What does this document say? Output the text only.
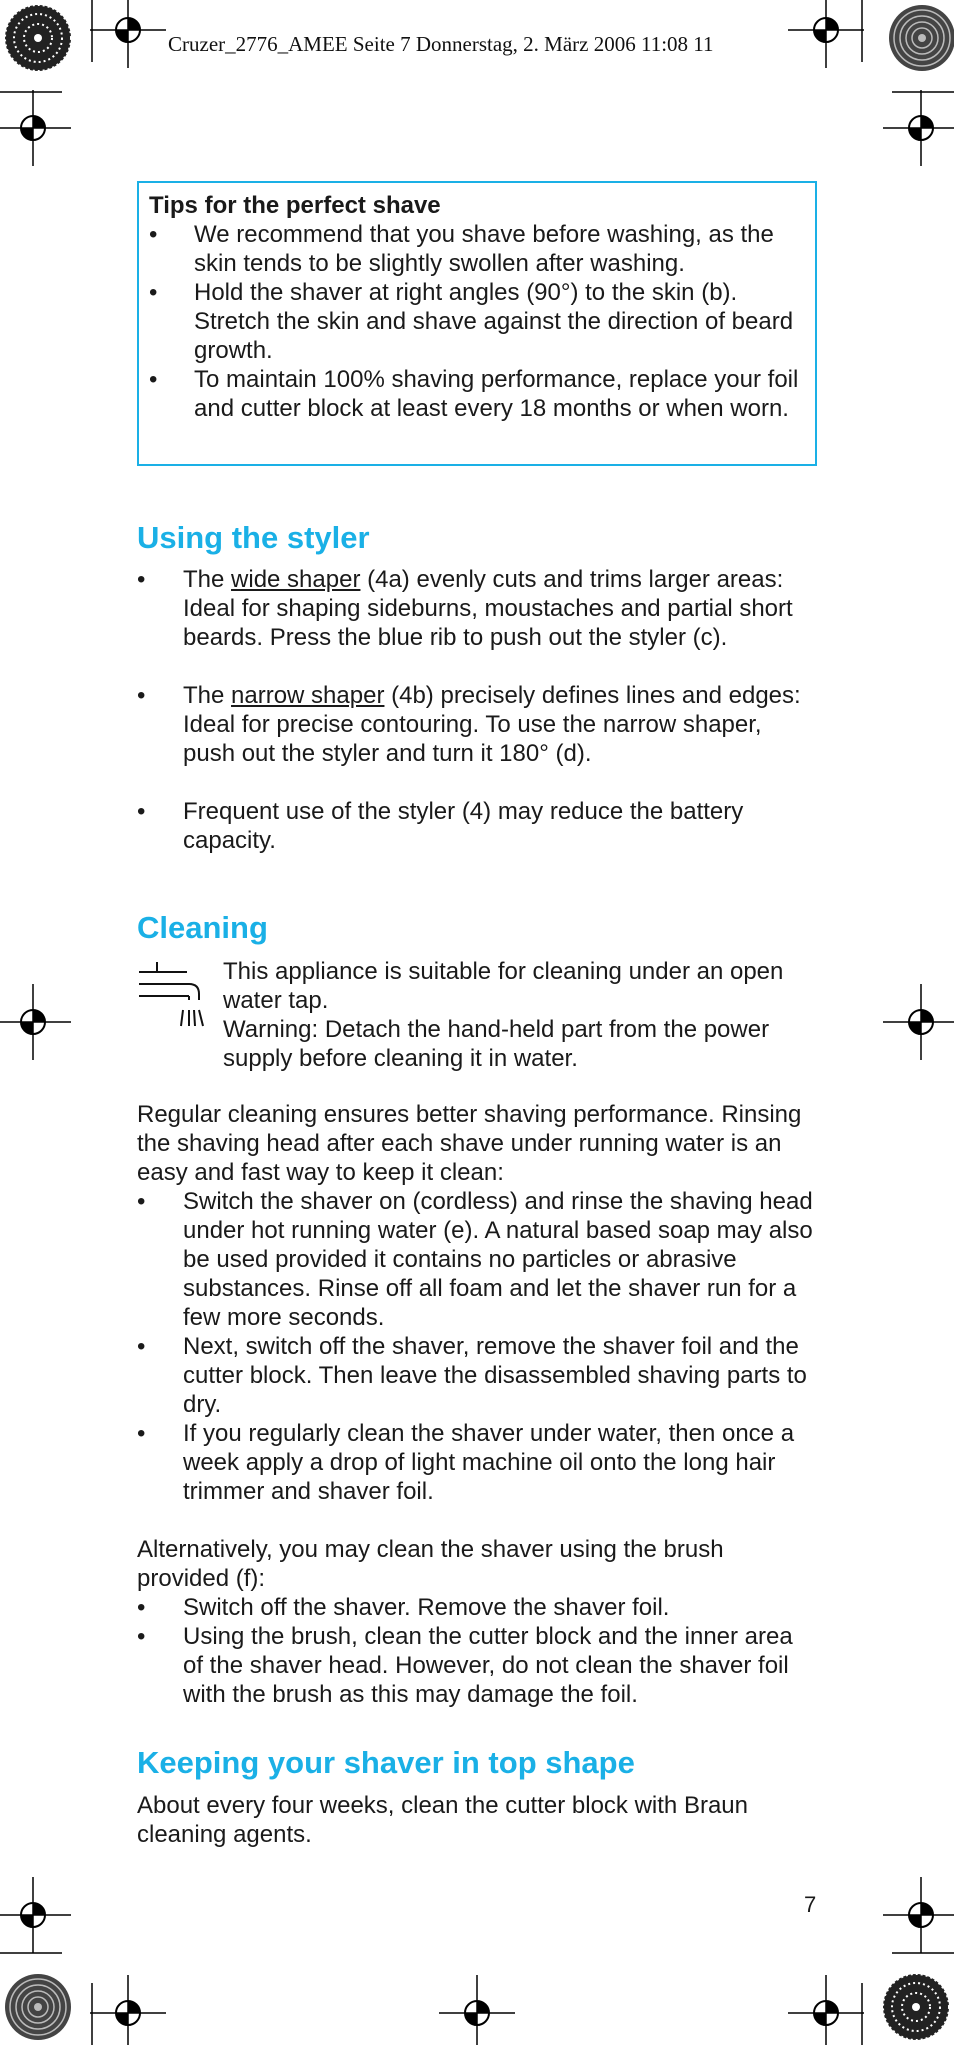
Cruzer_2776_AMEE Seite 7 Donnerstag, 2. März 2006 11:08 11
Tips for the perfect shave
• We recommend that you shave before washing, as the skin tends to be slightly swollen after washing.
• Hold the shaver at right angles (90°) to the skin (b). Stretch the skin and shave against the direction of beard growth.
• To maintain 100% shaving performance, replace your foil and cutter block at least every 18 months or when worn.
Using the styler
• The wide shaper (4a) evenly cuts and trims larger areas: Ideal for shaping sideburns, moustaches and partial short beards. Press the blue rib to push out the styler (c).
• The narrow shaper (4b) precisely defines lines and edges: Ideal for precise contouring. To use the narrow shaper, push out the styler and turn it 180° (d).
• Frequent use of the styler (4) may reduce the battery capacity.
Cleaning
This appliance is suitable for cleaning under an open water tap.
Warning: Detach the hand-held part from the power supply before cleaning it in water.

Regular cleaning ensures better shaving performance. Rinsing the shaving head after each shave under running water is an easy and fast way to keep it clean:

• Switch the shaver on (cordless) and rinse the shaving head under hot running water (e). A natural based soap may also be used provided it contains no particles or abrasive substances. Rinse off all foam and let the shaver run for a few more seconds.
• Next, switch off the shaver, remove the shaver foil and the cutter block. Then leave the disassembled shaving parts to dry.
• If you regularly clean the shaver under water, then once a week apply a drop of light machine oil onto the long hair trimmer and shaver foil.

Alternatively, you may clean the shaver using the brush provided (f):

• Switch off the shaver. Remove the shaver foil.
• Using the brush, clean the cutter block and the inner area of the shaver head. However, do not clean the shaver foil with the brush as this may damage the foil.
Keeping your shaver in top shape

About every four weeks, clean the cutter block with Braun cleaning agents.

7
